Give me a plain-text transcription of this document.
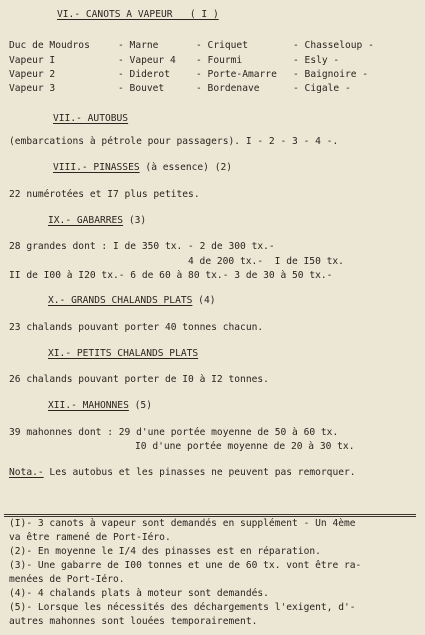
VI.- CANOTS A VAPEUR   ( I )
Duc de Moudros	- Marne	- Criquet	- Chasseloup -
Vapeur I	- Vapeur 4 - Fourmi	- Esly -
Vapeur 2	- Diderot	- Porte-Amarre - Baignoire -
Vapeur 3	- Bouvet	- Bordenave	- Cigale -
VII.- AUTOBUS
(embarcations à pétrole pour passagers). I - 2 - 3 - 4 -.
VIII.- PINASSES (à essence) (2)
22 numérotées et I7 plus petites.
IX.- GABARRES (3)
28 grandes dont : I de 350 tx. - 2 de 300 tx.-
4 de 200 tx.-  I de I50 tx.
II de I00 à I20 tx.- 6 de 60 à 80 tx.- 3 de 30 à 50 tx.-
X.- GRANDS CHALANDS PLATS (4)
23 chalands pouvant porter 40 tonnes chacun.
XI.- PETITS CHALANDS PLATS
26 chalands pouvant porter de I0 à I2 tonnes.
XII.- MAHONNES (5)
39 mahonnes dont : 29 d'une portée moyenne de 50 à 60 tx.
I0 d'une portée moyenne de 20 à 30 tx.
Nota.- Les autobus et les pinasses ne peuvent pas remorquer.
(I)- 3 canots à vapeur sont demandés en supplément - Un 4ème
va être ramené de Port-Iéro.
(2)- En moyenne le I/4 des pinasses est en réparation.
(3)- Une gabarre de I00 tonnes et une de 60 tx. vont être ra-
menées de Port-Iéro.
(4)- 4 chalands plats à moteur sont demandés.
(5)- Lorsque les nécessités des déchargements l'exigent, d'-
autres mahonnes sont louées temporairement.
